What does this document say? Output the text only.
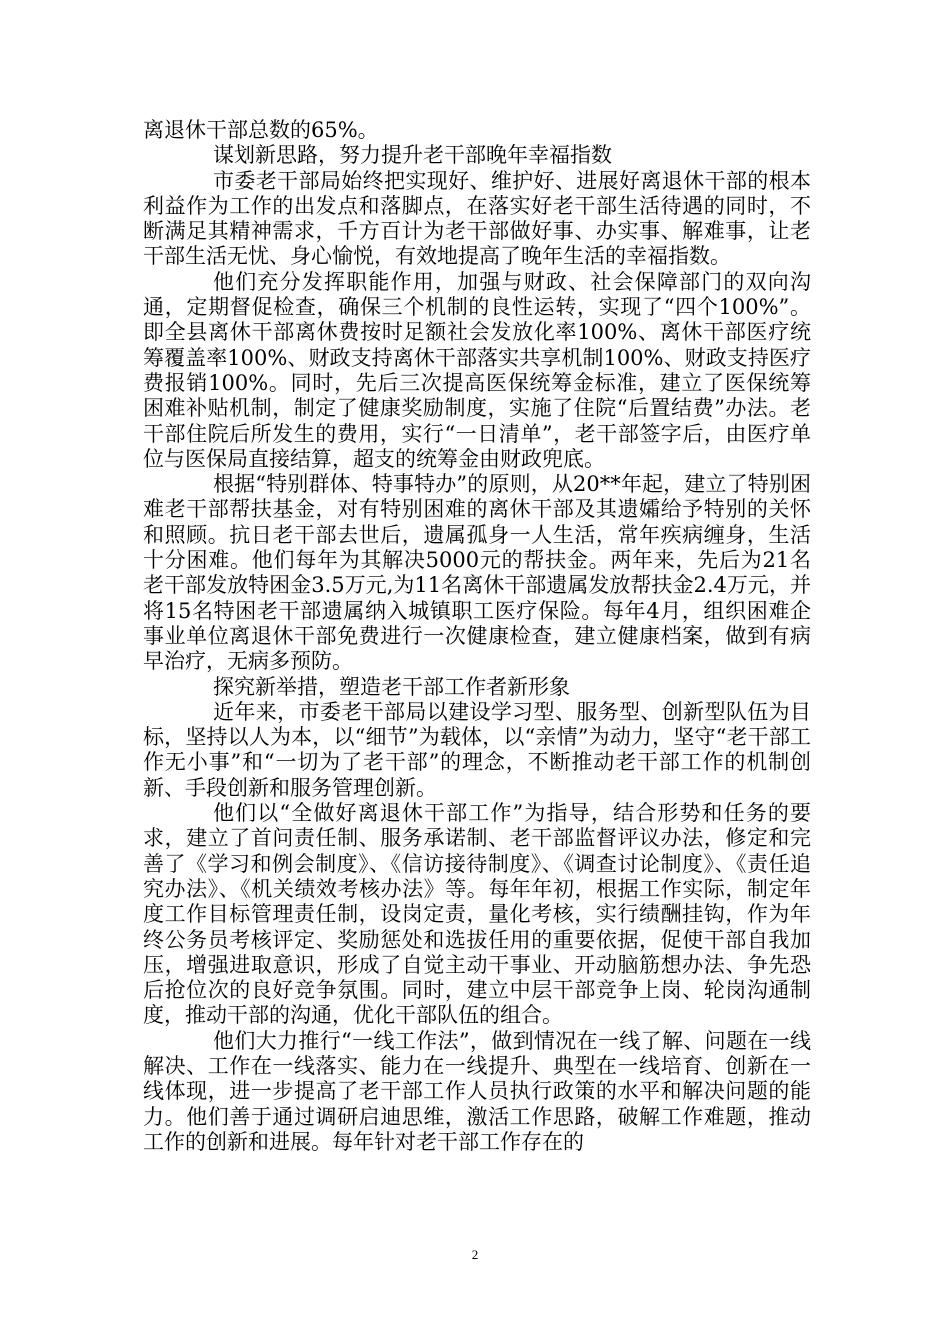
离退休干部总数的65%。

谋划新思路，努力提升老干部晚年幸福指数

市委老干部局始终把实现好、维护好、进展好离退休干部的根本利益作为工作的出发点和落脚点，在落实好老干部生活待遇的同时，不断满足其精神需求，千方百计为老干部做好事、办实事、解难事，让老干部生活无忧、身心愉悦，有效地提高了晚年生活的幸福指数。

他们充分发挥职能作用，加强与财政、社会保障部门的双向沟通，定期督促检查，确保三个机制的良性运转，实现了“四个100%”。即全县离休干部离休费按时足额社会发放化率100%、离休干部医疗统筹覆盖率100%、财政支持离休干部落实共享机制100%、财政支持医疗费报销100%。同时，先后三次提高医保统筹金标准，建立了医保统筹困难补贴机制，制定了健康奖励制度，实施了住院“后置结费”办法。老干部住院后所发生的费用，实行“一日清单”，老干部签字后，由医疗单位与医保局直接结算，超支的统筹金由财政兜底。

根据“特别群体、特事特办”的原则，从20**年起，建立了特别困难老干部帮扶基金，对有特别困难的离休干部及其遗孀给予特别的关怀和照顾。抗日老干部去世后，遗属孤身一人生活，常年疾病缠身，生活十分困难。他们每年为其解决5000元的帮扶金。两年来，先后为21名老干部发放特困金3.5万元,为11名离休干部遗属发放帮扶金2.4万元，并将15名特困老干部遗属纳入城镇职工医疗保险。每年4月，组织困难企事业单位离退休干部免费进行一次健康检查，建立健康档案，做到有病早治疗，无病多预防。

探究新举措，塑造老干部工作者新形象

近年来，市委老干部局以建设学习型、服务型、创新型队伍为目标，坚持以人为本，以“细节”为载体，以“亲情”为动力，坚守“老干部工作无小事”和“一切为了老干部”的理念，不断推动老干部工作的机制创新、手段创新和服务管理创新。

他们以“全做好离退休干部工作”为指导，结合形势和任务的要求，建立了首问责任制、服务承诺制、老干部监督评议办法，修定和完善了《学习和例会制度》、《信访接待制度》、《调查讨论制度》、《责任追究办法》、《机关绩效考核办法》等。每年年初，根据工作实际，制定年度工作目标管理责任制，设岗定责，量化考核，实行绩酬挂钩，作为年终公务员考核评定、奖励惩处和选拔任用的重要依据，促使干部自我加压，增强进取意识，形成了自觉主动干事业、开动脑筋想办法、争先恐后抢位次的良好竞争氛围。同时，建立中层干部竞争上岗、轮岗沟通制度，推动干部的沟通，优化干部队伍的组合。

他们大力推行“一线工作法”，做到情况在一线了解、问题在一线解决、工作在一线落实、能力在一线提升、典型在一线培育、创新在一线体现，进一步提高了老干部工作人员执行政策的水平和解决问题的能力。他们善于通过调研启迪思维，激活工作思路，破解工作难题，推动工作的创新和进展。每年针对老干部工作存在的

2
